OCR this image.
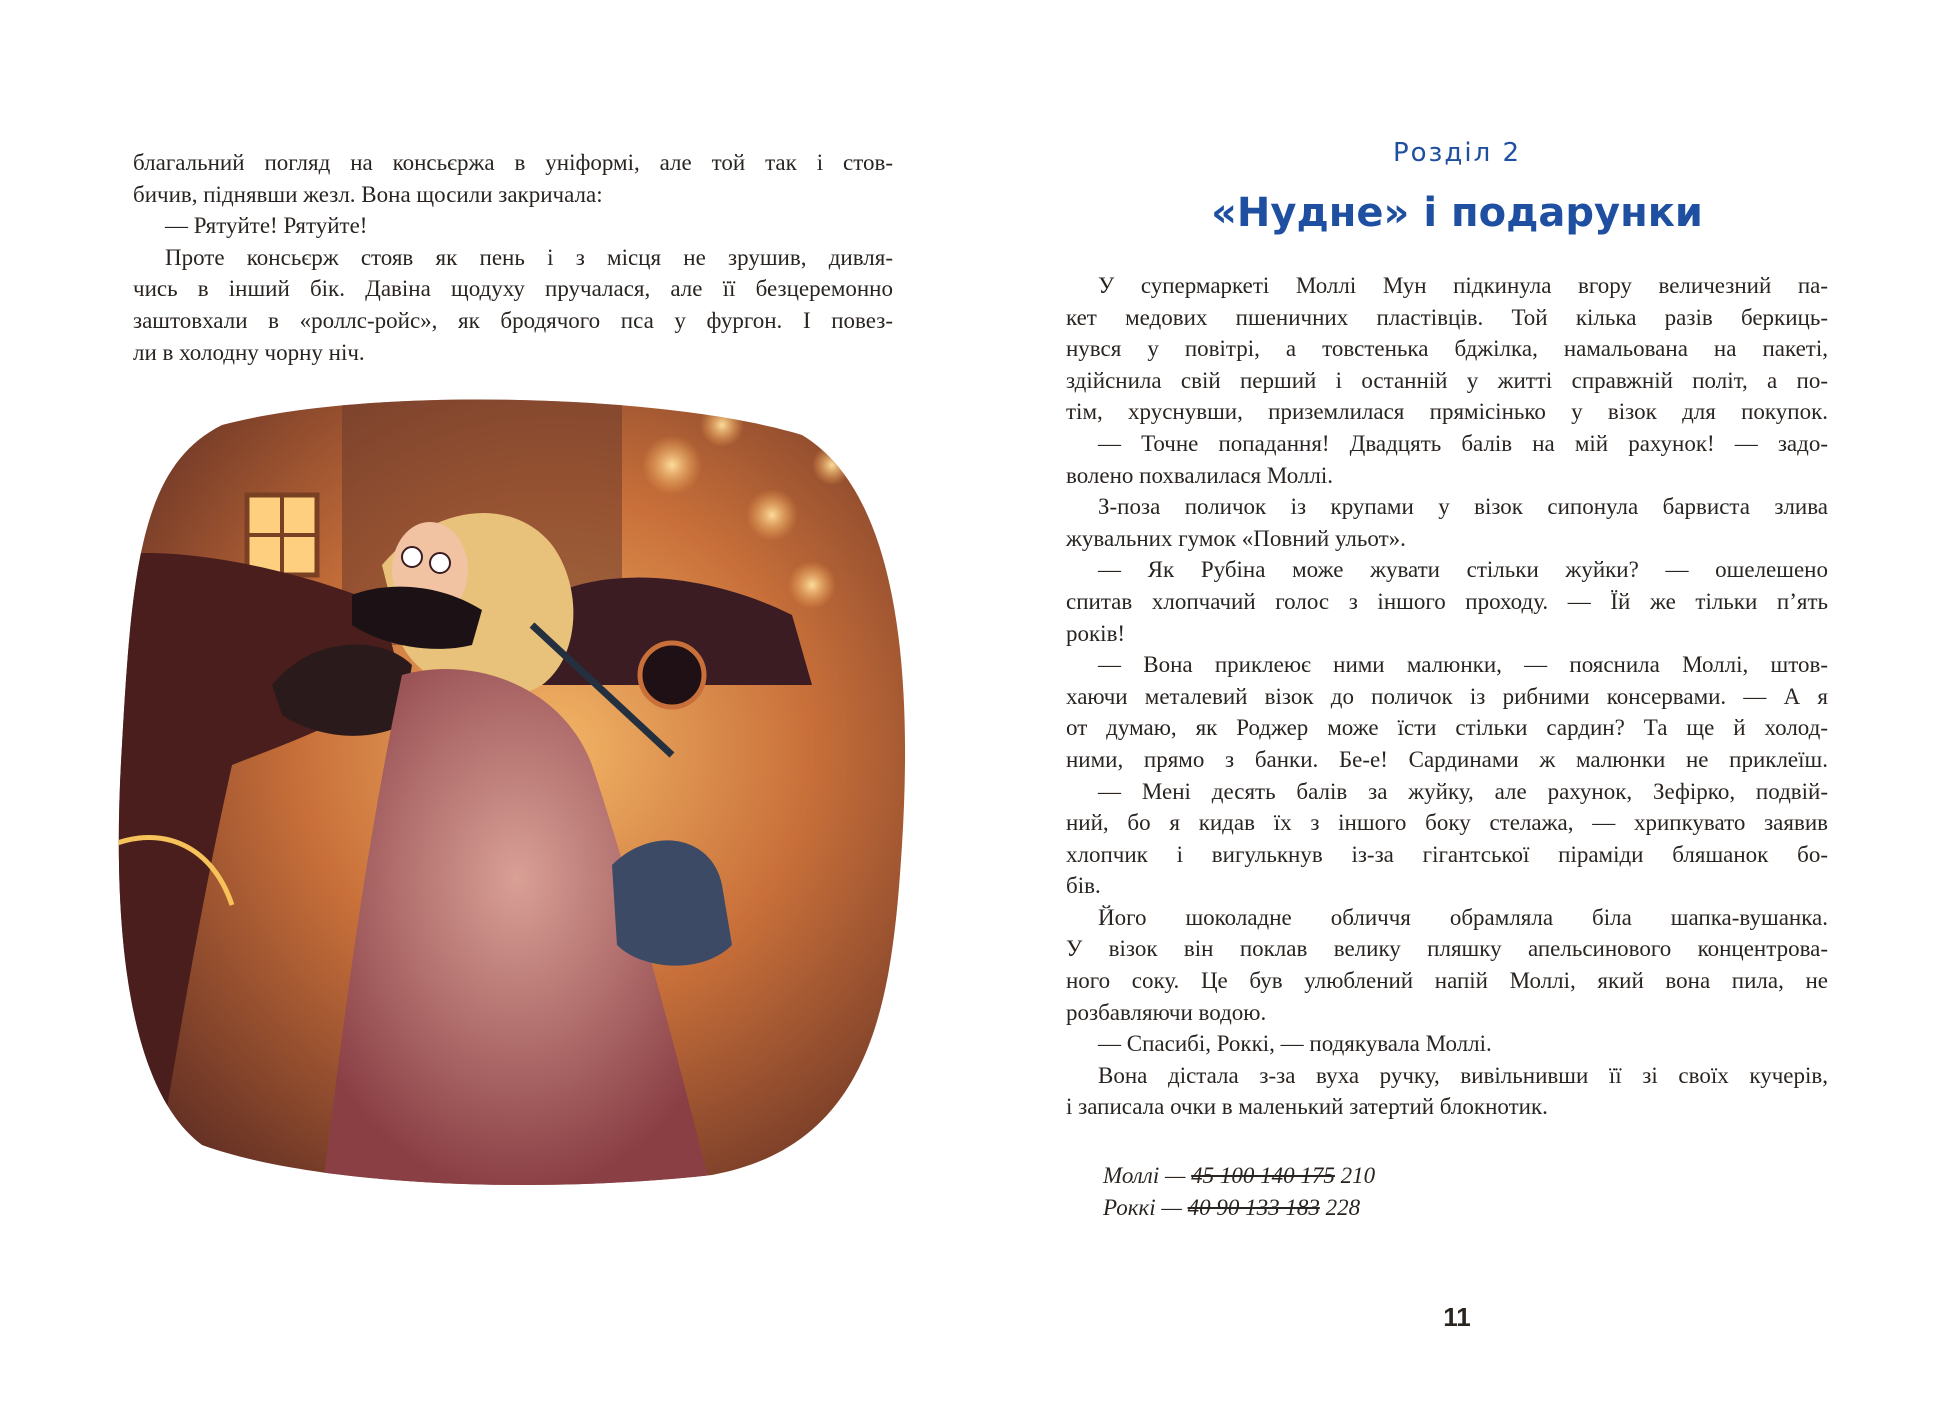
благальний погляд на консьєржа в уніформі, але той так і стов-
бичив, піднявши жезл. Вона щосили закричала:
— Рятуйте! Рятуйте!
Проте консьєрж стояв як пень і з місця не зрушив, дивля-
чись в інший бік. Давіна щодуху пручалася, але її безцеремонно
заштовхали в «роллс-ройс», як бродячого пса у фургон. І повез-
ли в холодну чорну ніч.
Розділ 2
«Нудне» і подарунки
У супермаркеті Моллі Мун підкинула вгору величезний па-
кет медових пшеничних пластівців. Той кілька разів беркиць-
нувся у повітрі, а товстенька бджілка, намальована на пакеті,
здійснила свій перший і останній у житті справжній політ, а по-
тім, хруснувши, приземлилася прямісінько у візок для покупок.
— Точне попадання! Двадцять балів на мій рахунок! — задо-
волено похвалилася Моллі.
З-поза поличок із крупами у візок сипонула барвиста злива
жувальних гумок «Повний ульот».
— Як Рубіна може жувати стільки жуйки? — ошелешено
спитав хлопчачий голос з іншого проходу. — Їй же тільки п’ять
років!
— Вона приклеює ними малюнки, — пояснила Моллі, штов-
хаючи металевий візок до поличок із рибними консервами. — А я
от думаю, як Роджер може їсти стільки сардин? Та ще й холод-
ними, прямо з банки. Бе-е! Сардинами ж малюнки не приклеїш.
— Мені десять балів за жуйку, але рахунок, Зефірко, подвій-
ний, бо я кидав їх з іншого боку стелажа, — хрипкувато заявив
хлопчик і вигулькнув із-за гігантської піраміди бляшанок бо-
бів.
Його шоколадне обличчя обрамляла біла шапка-вушанка.
У візок він поклав велику пляшку апельсинового концентрова-
ного соку. Це був улюблений напій Моллі, який вона пила, не
розбавляючи водою.
— Спасибі, Роккі, — подякувала Моллі.
Вона дістала з-за вуха ручку, вивільнивши її зі своїх кучерів,
і записала очки в маленький затертий блокнотик.
Моллі — 45 100 140 175 210
Роккі — 40 90 133 183 228
11
